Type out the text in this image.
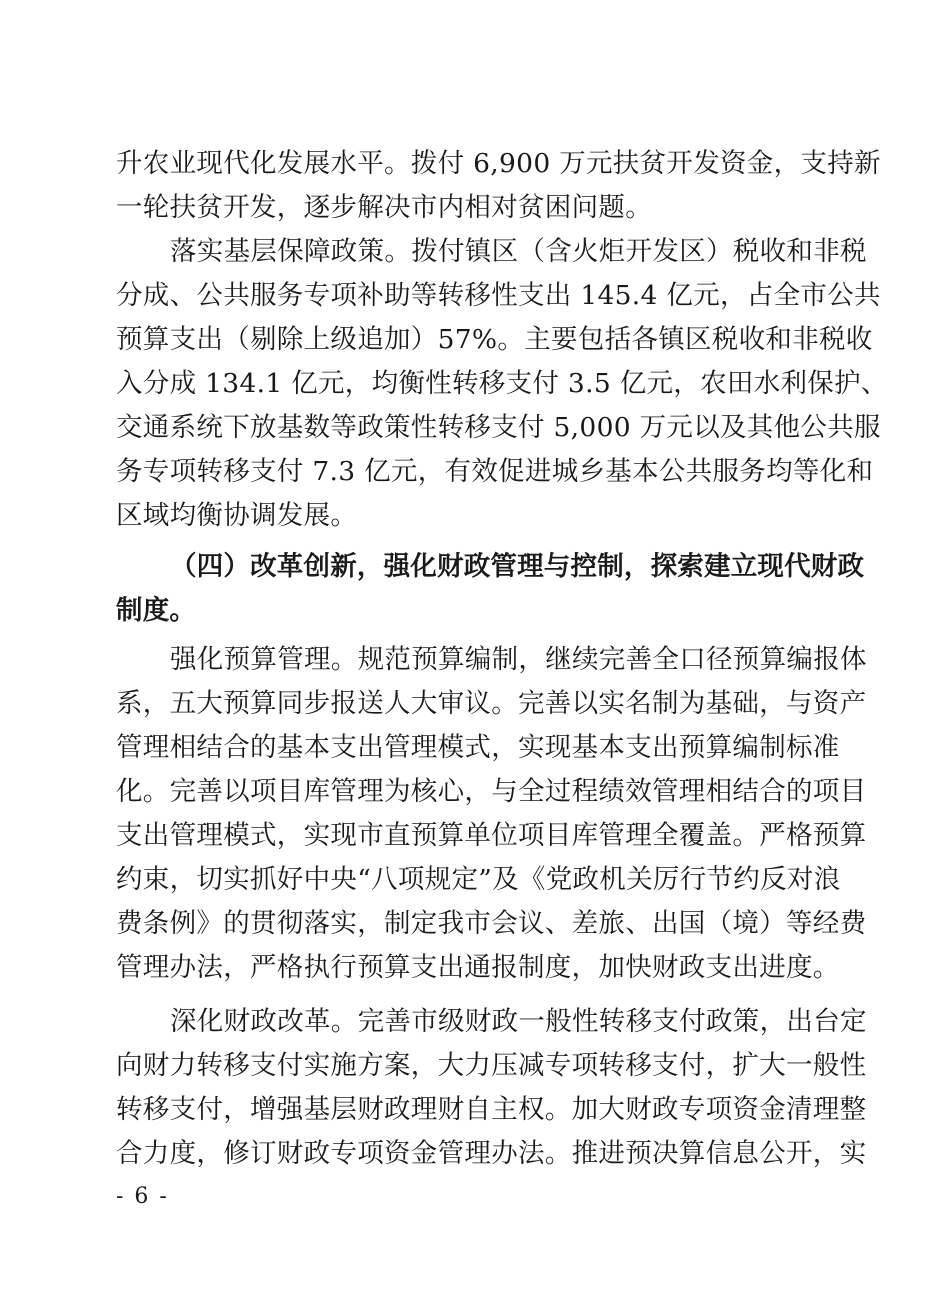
升农业现代化发展水平。拨付 6,900 万元扶贫开发资金，支持新
一轮扶贫开发，逐步解决市内相对贫困问题。
落实基层保障政策。拨付镇区（含火炬开发区）税收和非税
分成、公共服务专项补助等转移性支出 145.4 亿元，占全市公共
预算支出（剔除上级追加）57%。主要包括各镇区税收和非税收
入分成 134.1 亿元，均衡性转移支付 3.5 亿元，农田水利保护、
交通系统下放基数等政策性转移支付 5,000 万元以及其他公共服
务专项转移支付 7.3 亿元，有效促进城乡基本公共服务均等化和
区域均衡协调发展。
（四）改革创新，强化财政管理与控制，探索建立现代财政
制度。
强化预算管理。规范预算编制，继续完善全口径预算编报体
系，五大预算同步报送人大审议。完善以实名制为基础，与资产
管理相结合的基本支出管理模式，实现基本支出预算编制标准
化。完善以项目库管理为核心，与全过程绩效管理相结合的项目
支出管理模式，实现市直预算单位项目库管理全覆盖。严格预算
约束，切实抓好中央“八项规定”及《党政机关厉行节约反对浪
费条例》的贯彻落实，制定我市会议、差旅、出国（境）等经费
管理办法，严格执行预算支出通报制度，加快财政支出进度。
深化财政改革。完善市级财政一般性转移支付政策，出台定
向财力转移支付实施方案，大力压减专项转移支付，扩大一般性
转移支付，增强基层财政理财自主权。加大财政专项资金清理整
合力度，修订财政专项资金管理办法。推进预决算信息公开，实
- 6 -
